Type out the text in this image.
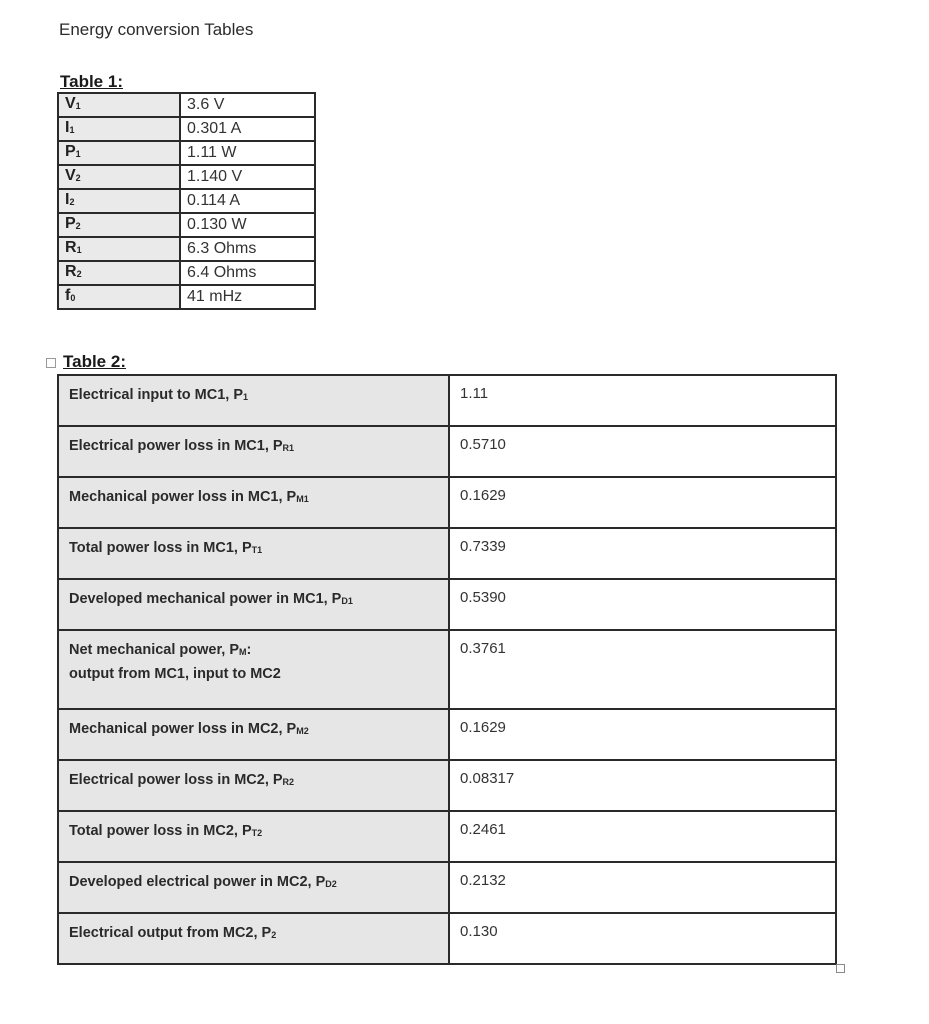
Energy conversion Tables
Table 1:
$V_1$	3.6 V
$I_1$	0.301 A
$P_1$	1.11 W
$V_2$	1.140 V
$I_2$	0.114 A
$P_2$	0.130 W
$R_1$	6.3 Ohms
$R_2$	6.4 Ohms
$f_0$	41 mHz
Table 2:
Electrical input to MC1, $P_1$	1.11
Electrical power loss in MC1, $P_{R1}$	0.5710
Mechanical power loss in MC1, $P_{M1}$	0.1629
Total power loss in MC1, $P_{T1}$	0.7339
Developed mechanical power in MC1, $P_{D1}$	0.5390
Net mechanical power, $P_M$:
output from MC1, input to MC2	0.3761
Mechanical power loss in MC2, $P_{M2}$	0.1629
Electrical power loss in MC2, $P_{R2}$	0.08317
Total power loss in MC2, $P_{T2}$	0.2461
Developed electrical power in MC2, $P_{D2}$	0.2132
Electrical output from MC2, $P_2$	0.130
